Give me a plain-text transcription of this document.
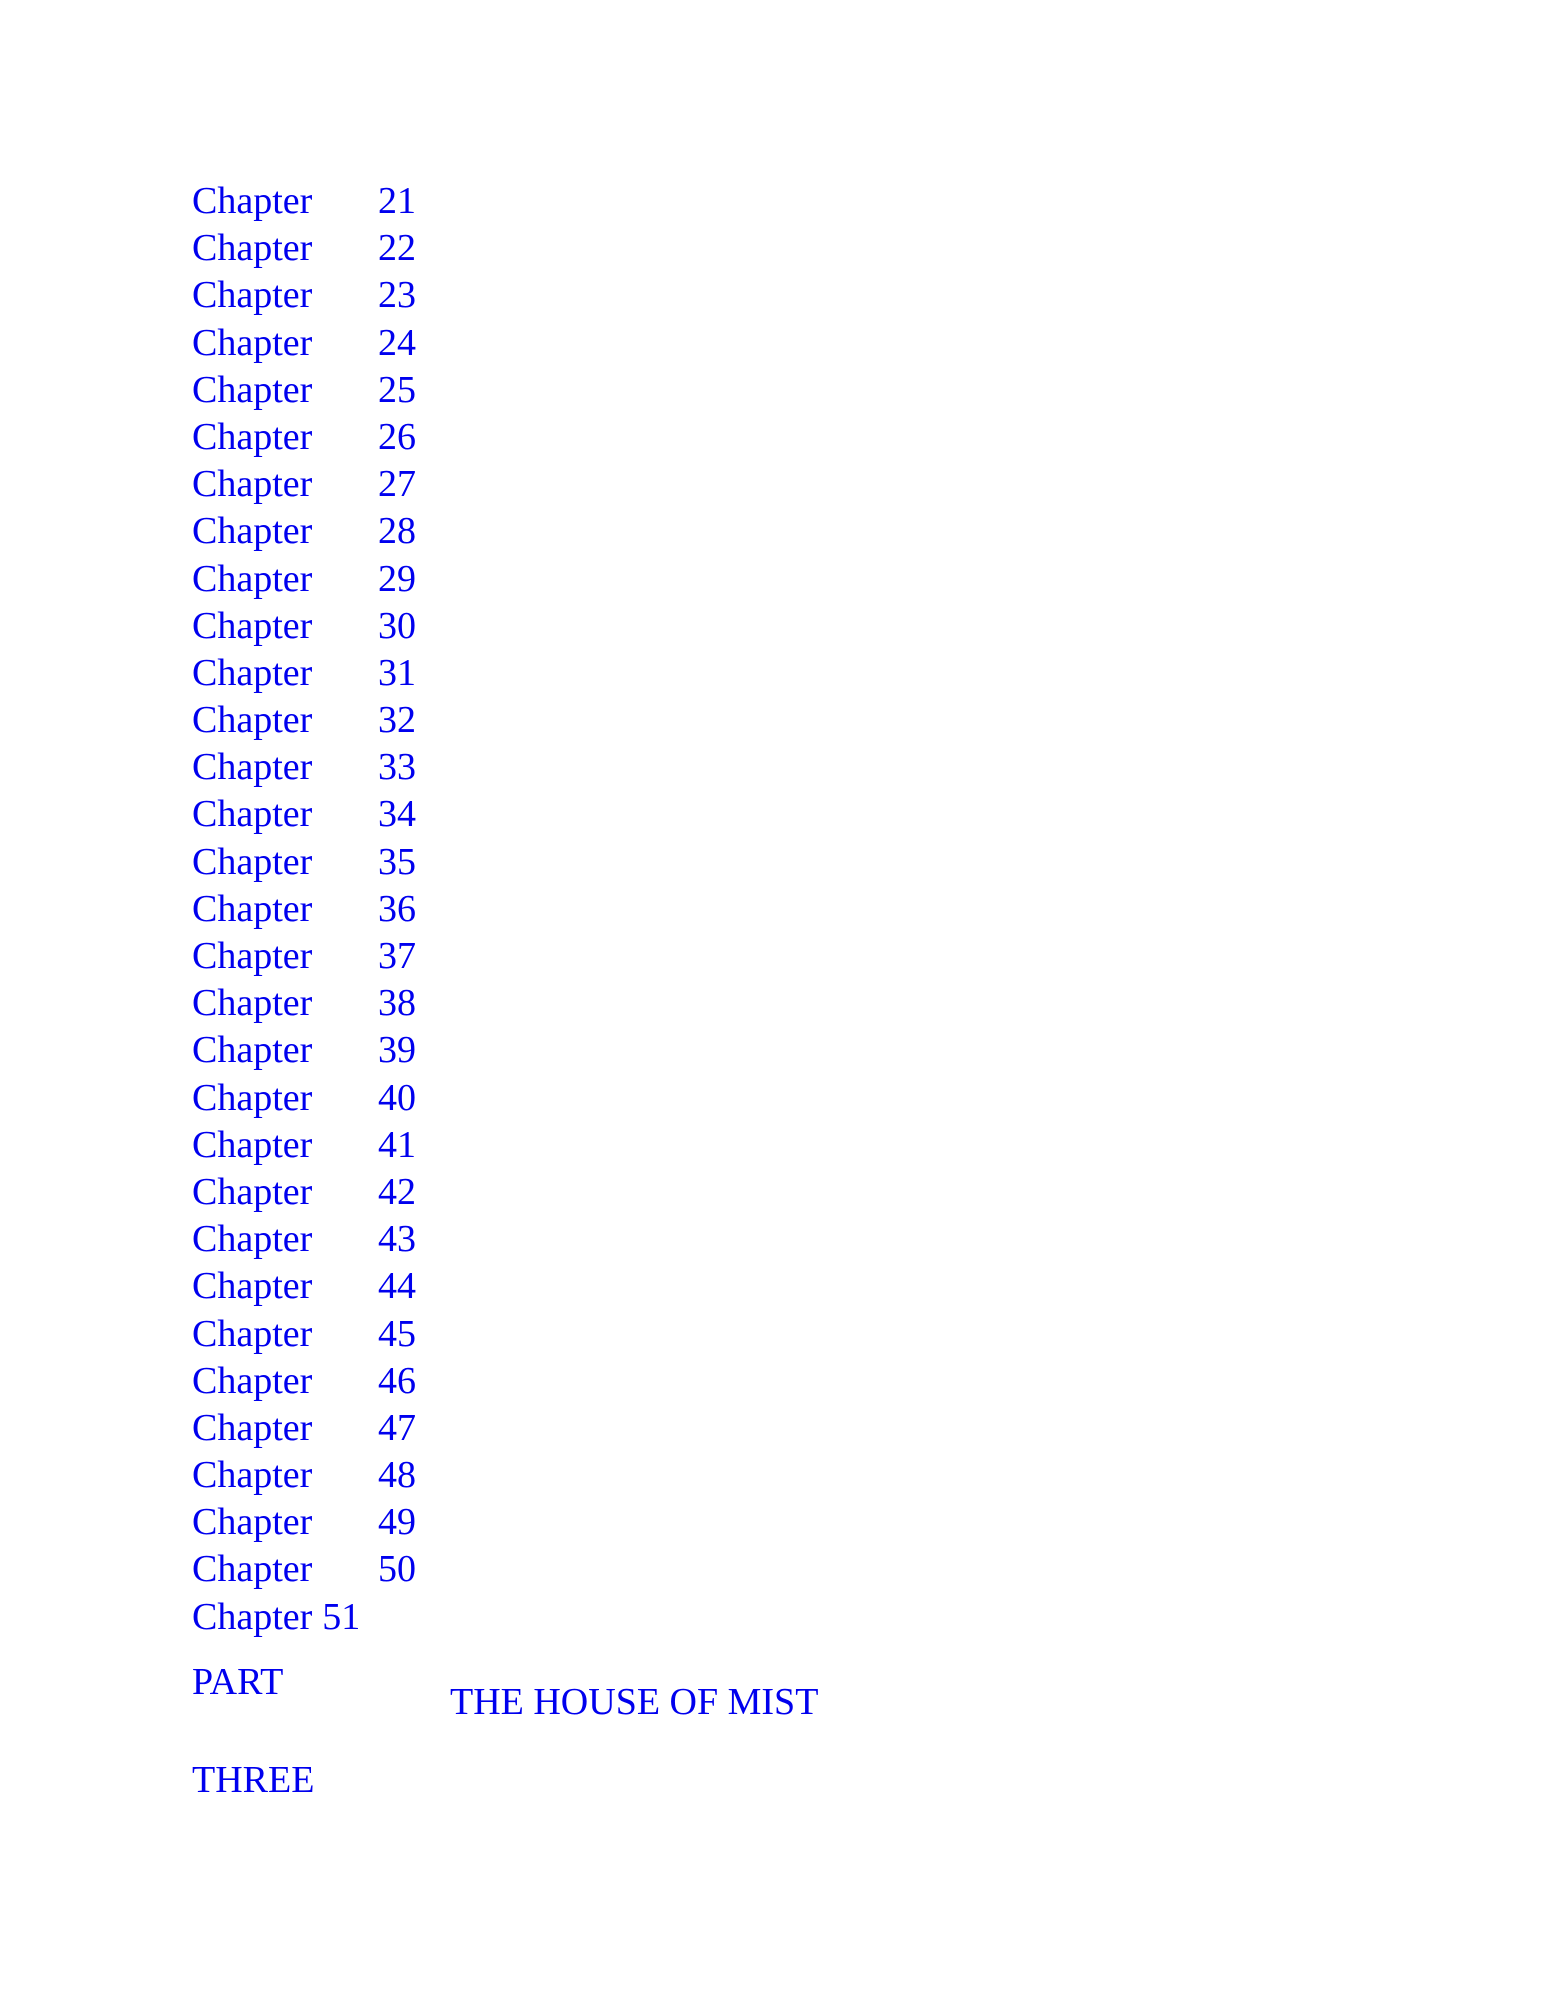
Chapter 21
Chapter 22
Chapter 23
Chapter 24
Chapter 25
Chapter 26
Chapter 27
Chapter 28
Chapter 29
Chapter 30
Chapter 31
Chapter 32
Chapter 33
Chapter 34
Chapter 35
Chapter 36
Chapter 37
Chapter 38
Chapter 39
Chapter 40
Chapter 41
Chapter 42
Chapter 43
Chapter 44
Chapter 45
Chapter 46
Chapter 47
Chapter 48
Chapter 49
Chapter 50
Chapter 51
PART
THREE
THE HOUSE OF MIST
